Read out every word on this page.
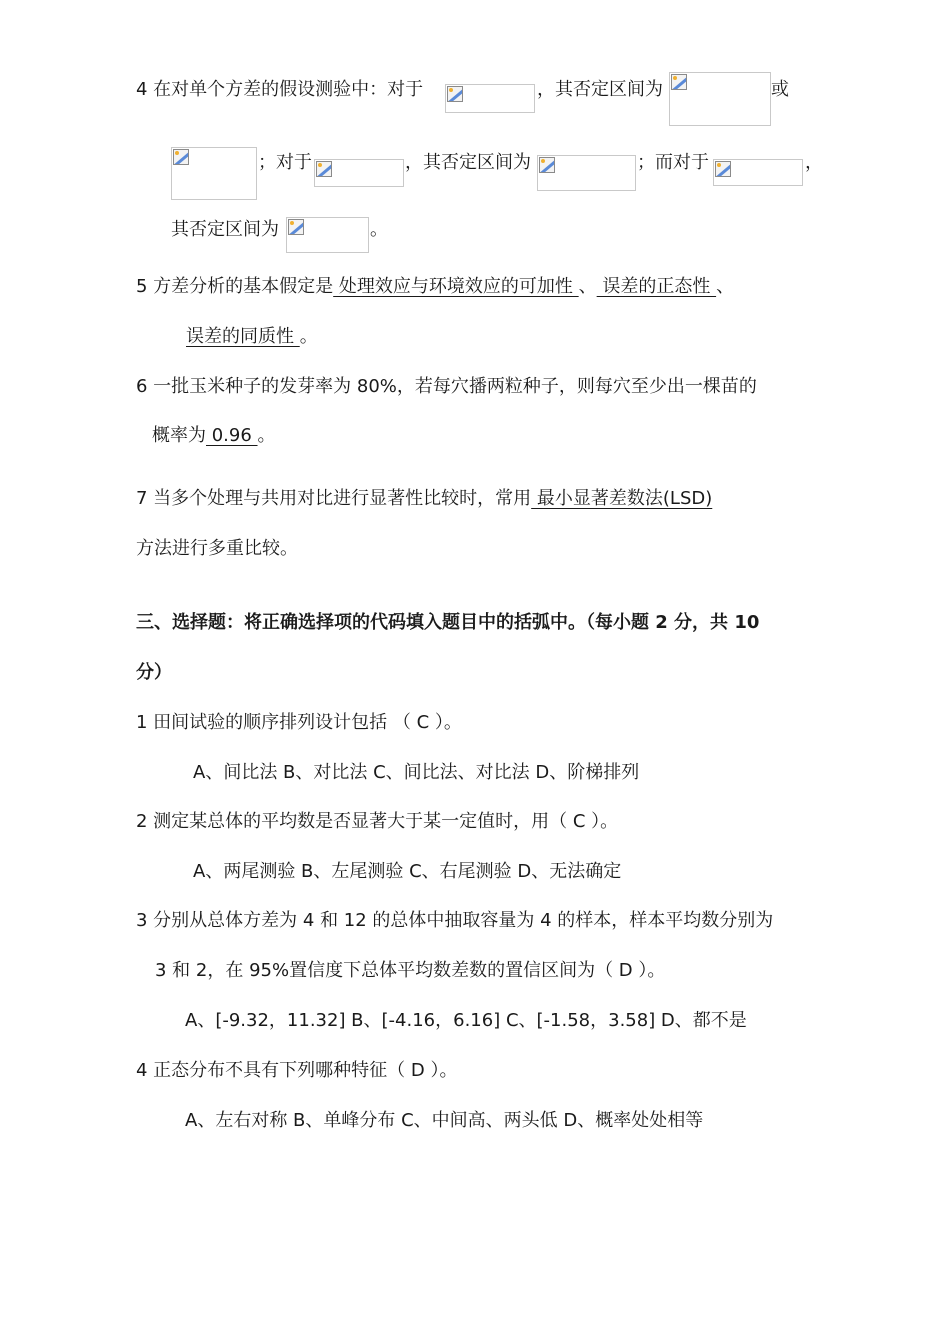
4 在对单个方差的假设测验中：对于	，其否定区间为	或
；对于	，其否定区间为	；而对于	，
其否定区间为	。
5 方差分析的基本假定是 处理效应与环境效应的可加性 、 误差的正态性 、
误差的同质性 。
6 一批玉米种子的发芽率为 80%，若每穴播两粒种子，则每穴至少出一棵苗的
概率为 0.96 。
7 当多个处理与共用对比进行显著性比较时，常用 最小显著差数法(LSD)
方法进行多重比较。
三、选择题：将正确选择项的代码填入题目中的括弧中。（每小题 2 分，共 10
分）
1 田间试验的顺序排列设计包括 （ C ）。
A、间比法 B、对比法 C、间比法、对比法 D、阶梯排列
2 测定某总体的平均数是否显著大于某一定值时，用（ C ）。
A、两尾测验 B、左尾测验 C、右尾测验 D、无法确定
3 分别从总体方差为 4 和 12 的总体中抽取容量为 4 的样本，样本平均数分别为
3 和 2，在 95%置信度下总体平均数差数的置信区间为（ D ）。
A、[-9.32，11.32] B、[-4.16，6.16] C、[-1.58，3.58] D、都不是
4 正态分布不具有下列哪种特征（ D ）。
A、左右对称 B、单峰分布 C、中间高、两头低 D、概率处处相等
